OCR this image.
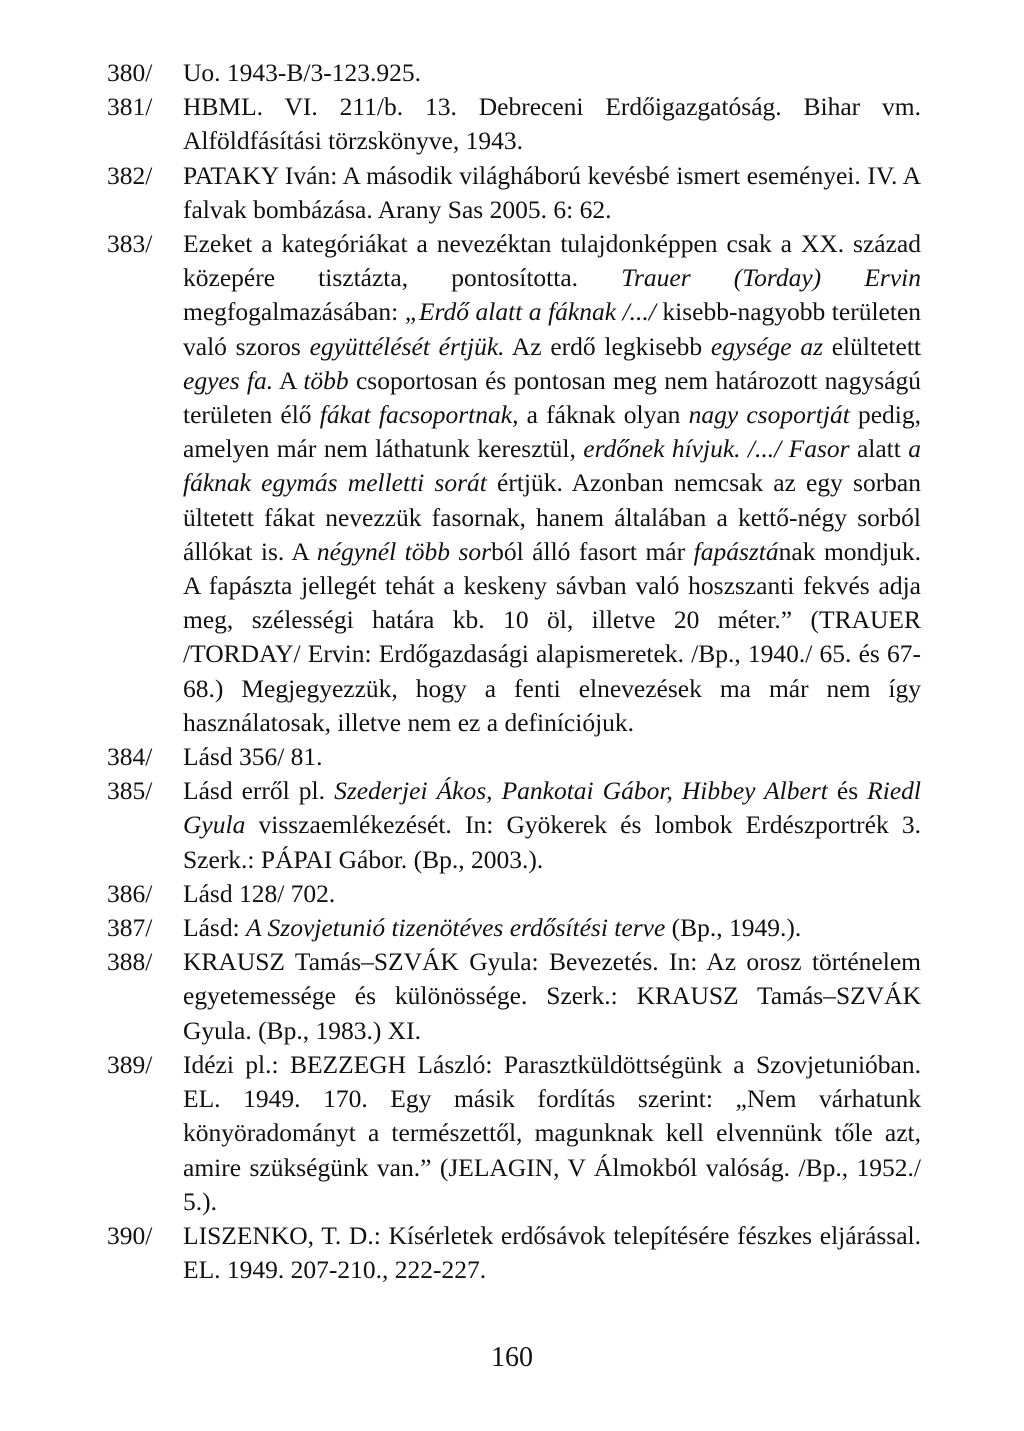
380/	Uo. 1943-B/3-123.925.
381/	HBML. VI. 211/b. 13. Debreceni Erdőigazgatóság. Bihar vm. Alföldfásítási törzskönyve, 1943.
382/	PATAKY Iván: A második világháború kevésbé ismert eseményei. IV. A falvak bombázása. Arany Sas 2005. 6: 62.
383/	Ezeket a kategóriákat a nevezéktan tulajdonképpen csak a XX. század közepére tisztázta, pontosította. Trauer (Torday) Ervin megfogalmazásában: „Erdő alatt a fáknak /.../ kisebb-nagyobb területen való szoros együttélését értjük. Az erdő legkisebb egysége az elültetett egyes fa. A több csoportosan és pontosan meg nem határozott nagyságú területen élő fákat facsoportnak, a fáknak olyan nagy csoportját pedig, amelyen már nem láthatunk keresztül, erdőnek hívjuk. /.../ Fasor alatt a fáknak egymás melletti sorát értjük. Azonban nemcsak az egy sorban ültetett fákat nevezzük fasornak, hanem általában a kettő-négy sorból állókat is. A négynél több sorból álló fasort már fapásztának mondjuk. A fapászta jellegét tehát a keskeny sávban való hoszszanti fekvés adja meg, szélességi határa kb. 10 öl, illetve 20 méter.” (TRAUER /TORDAY/ Ervin: Erdőgazdasági alapismeretek. /Bp., 1940./ 65. és 67-68.) Megjegyezzük, hogy a fenti elnevezések ma már nem így használatosak, illetve nem ez a definíciójuk.
384/	Lásd 356/ 81.
385/	Lásd erről pl. Szederjei Ákos, Pankotai Gábor, Hibbey Albert és Riedl Gyula visszaemlékezését. In: Gyökerek és lombok Erdészportrék 3. Szerk.: PÁPAI Gábor. (Bp., 2003.).
386/	Lásd 128/ 702.
387/	Lásd: A Szovjetunió tizenötéves erdősítési terve (Bp., 1949.).
388/	KRAUSZ Tamás–SZVÁK Gyula: Bevezetés. In: Az orosz történelem egyetemessége és különössége. Szerk.: KRAUSZ Tamás–SZVÁK Gyula. (Bp., 1983.) XI.
389/	Idézi pl.: BEZZEGH László: Parasztküldöttségünk a Szovjetunióban. EL. 1949. 170. Egy másik fordítás szerint: „Nem várhatunk könyöradományt a természettől, magunknak kell elvennünk tőle azt, amire szükségünk van.” (JELAGIN, V Álmokból valóság. /Bp., 1952./ 5.).
390/	LISZENKO, T. D.: Kísérletek erdősávok telepítésére fészkes eljárással. EL. 1949. 207-210., 222-227.
160
